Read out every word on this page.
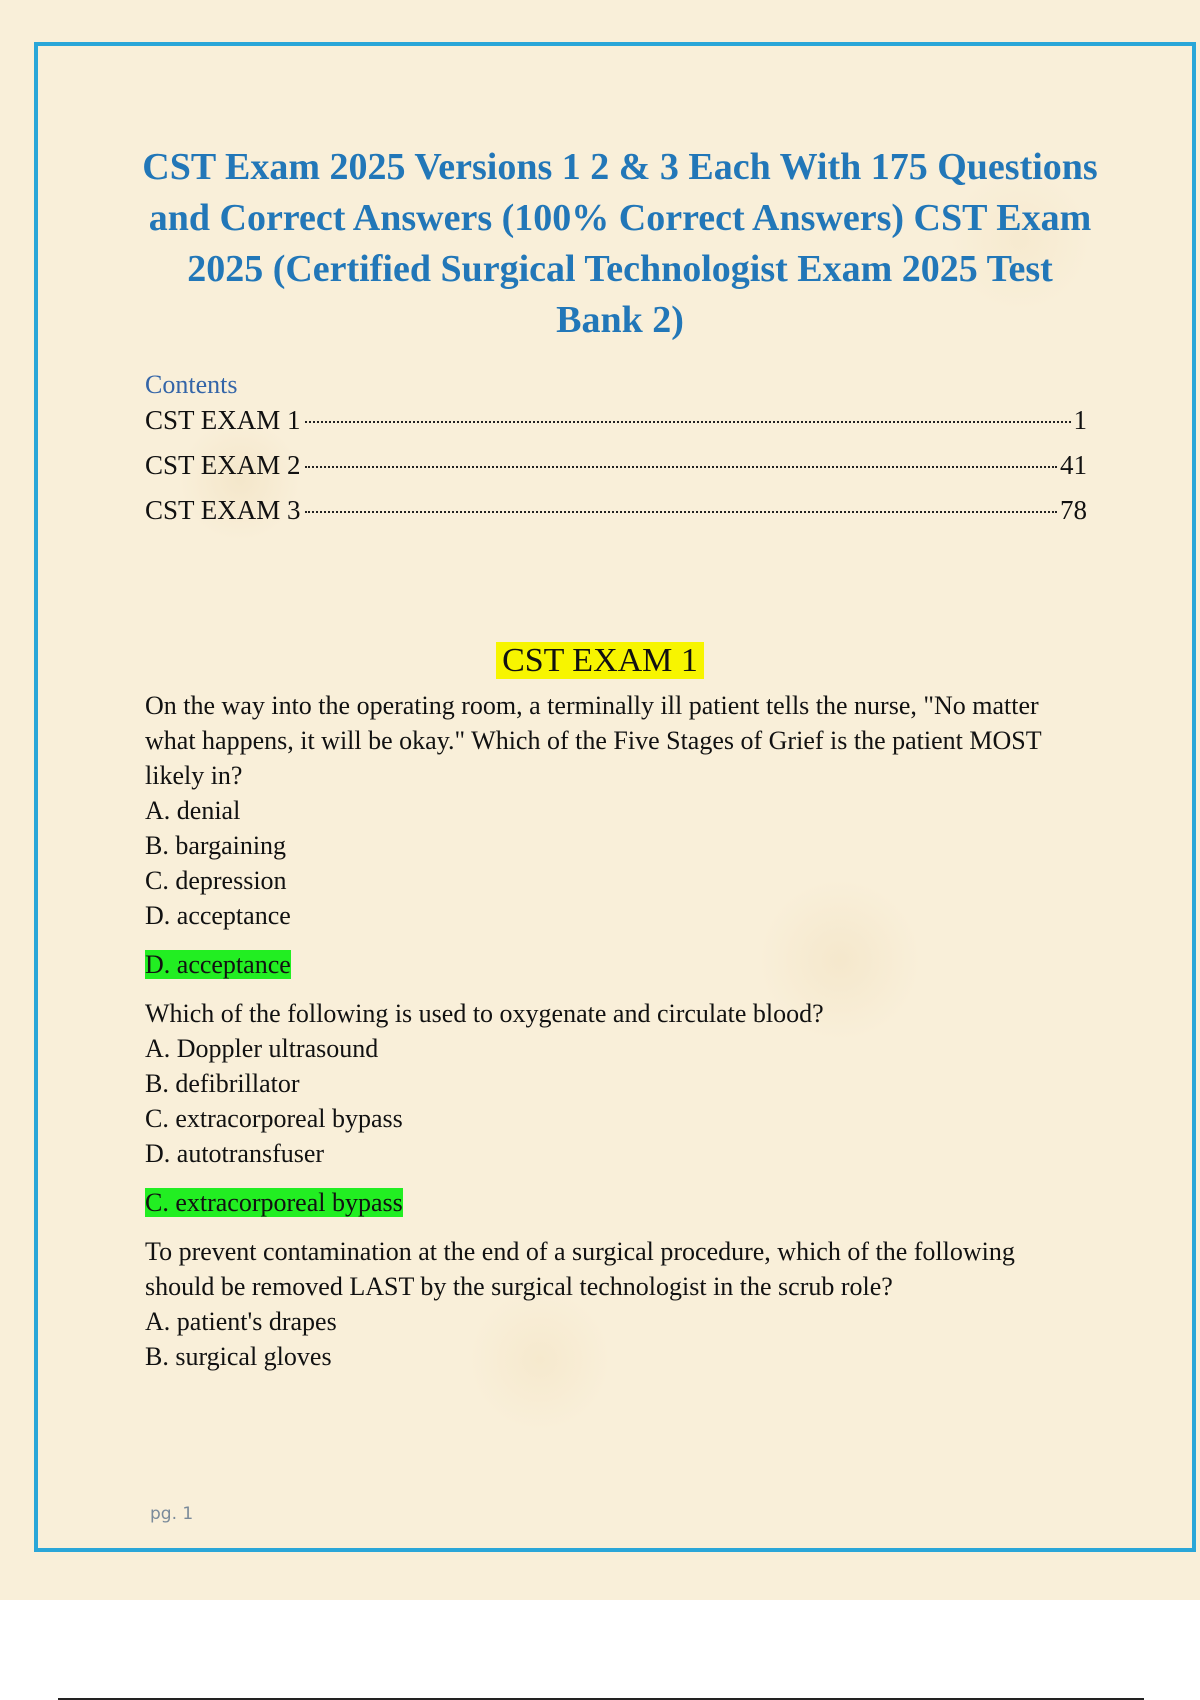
CST Exam 2025 Versions 1 2 & 3 Each With 175 Questions and Correct Answers (100% Correct Answers) CST Exam 2025 (Certified Surgical Technologist Exam 2025 Test Bank 2)

Contents

CST EXAM 1	1
CST EXAM 2	41
CST EXAM 3	78
CST EXAM 1

On the way into the operating room, a terminally ill patient tells the nurse, "No matter what happens, it will be okay." Which of the Five Stages of Grief is the patient MOST likely in?

A. denial

B. bargaining

C. depression

D. acceptance

D. acceptance

Which of the following is used to oxygenate and circulate blood?

A. Doppler ultrasound

B. defibrillator

C. extracorporeal bypass

D. autotransfuser

C. extracorporeal bypass

To prevent contamination at the end of a surgical procedure, which of the following should be removed LAST by the surgical technologist in the scrub role?

A. patient's drapes

B. surgical gloves

pg. 1
